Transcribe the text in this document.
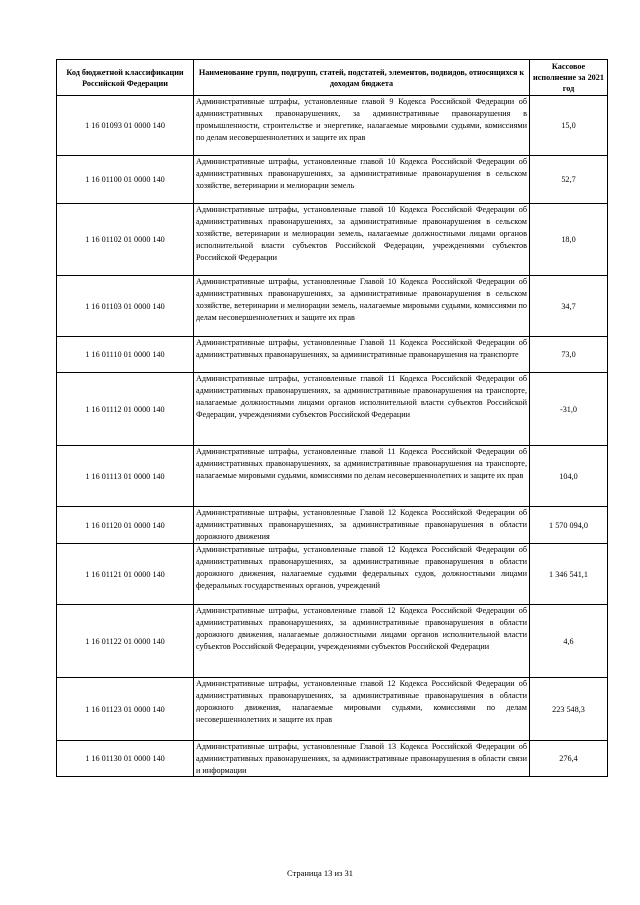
Код бюджетной классификации Российской Федерации	Наименование групп, подгрупп, статей, подстатей, элементов, подвидов, относящихся к доходам бюджета	Кассовое исполнение за 2021 год
1 16 01093 01 0000 140	Административные штрафы, установленные главой 9 Кодекса Российской Федерации об административных правонарушениях, за административные правонарушения в промышленности, строительстве и энергетике, налагаемые мировыми судьями, комиссиями по делам несовершеннолетних и защите их прав	15,0
1 16 01100 01 0000 140	Административные штрафы, установленные главой 10 Кодекса Российской Федерации об административных правонарушениях, за административные правонарушения в сельском хозяйстве, ветеринарии и мелиорации земель	52,7
1 16 01102 01 0000 140	Административные штрафы, установленные главой 10 Кодекса Российской Федерации об административных правонарушениях, за административные правонарушения в сельском хозяйстве, ветеринарии и мелиорации земель, налагаемые должностными лицами органов исполнительной власти субъектов Российской Федерации, учреждениями субъектов Российской Федерации	18,0
1 16 01103 01 0000 140	Административные штрафы, установленные Главой 10 Кодекса Российской Федерации об административных правонарушениях, за административные правонарушения в сельском хозяйстве, ветеринарии и мелиорации земель, налагаемые мировыми судьями, комиссиями по делам несовершеннолетних и защите их прав	34,7
1 16 01110 01 0000 140	Административные штрафы, установленные Главой 11 Кодекса Российской Федерации об административных правонарушениях, за административные правонарушения на транспорте	73,0
1 16 01112 01 0000 140	Административные штрафы, установленные главой 11 Кодекса Российской Федерации об административных правонарушениях, за административные правонарушения на транспорте, налагаемые должностными лицами органов исполнительной власти субъектов Российской Федерации, учреждениями субъектов Российской Федерации	-31,0
1 16 01113 01 0000 140	Административные штрафы, установленные главой 11 Кодекса Российской Федерации об административных правонарушениях, за административные правонарушения на транспорте, налагаемые мировыми судьями, комиссиями по делам несовершеннолетних и защите их прав	104,0
1 16 01120 01 0000 140	Административные штрафы, установленные Главой 12 Кодекса Российской Федерации об административных правонарушениях, за административные правонарушения в области дорожного движения	1 570 094,0
1 16 01121 01 0000 140	Административные штрафы, установленные главой 12 Кодекса Российской Федерации об административных правонарушениях, за административные правонарушения в области дорожного движения, налагаемые судьями федеральных судов, должностными лицами федеральных государственных органов, учреждений	1 346 541,1
1 16 01122 01 0000 140	Административные штрафы, установленные главой 12 Кодекса Российской Федерации об административных правонарушениях, за административные правонарушения в области дорожного движения, налагаемые должностными лицами органов исполнительной власти субъектов Российской Федерации, учреждениями субъектов Российской Федерации	4,6
1 16 01123 01 0000 140	Административные штрафы, установленные главой 12 Кодекса Российской Федерации об административных правонарушениях, за административные правонарушения в области дорожного движения, налагаемые мировыми судьями, комиссиями по делам несовершеннолетних и защите их прав	223 548,3
1 16 01130 01 0000 140	Административные штрафы, установленные Главой 13 Кодекса Российской Федерации об административных правонарушениях, за административные правонарушения в области связи и информации	276,4
Страница 13 из 31
